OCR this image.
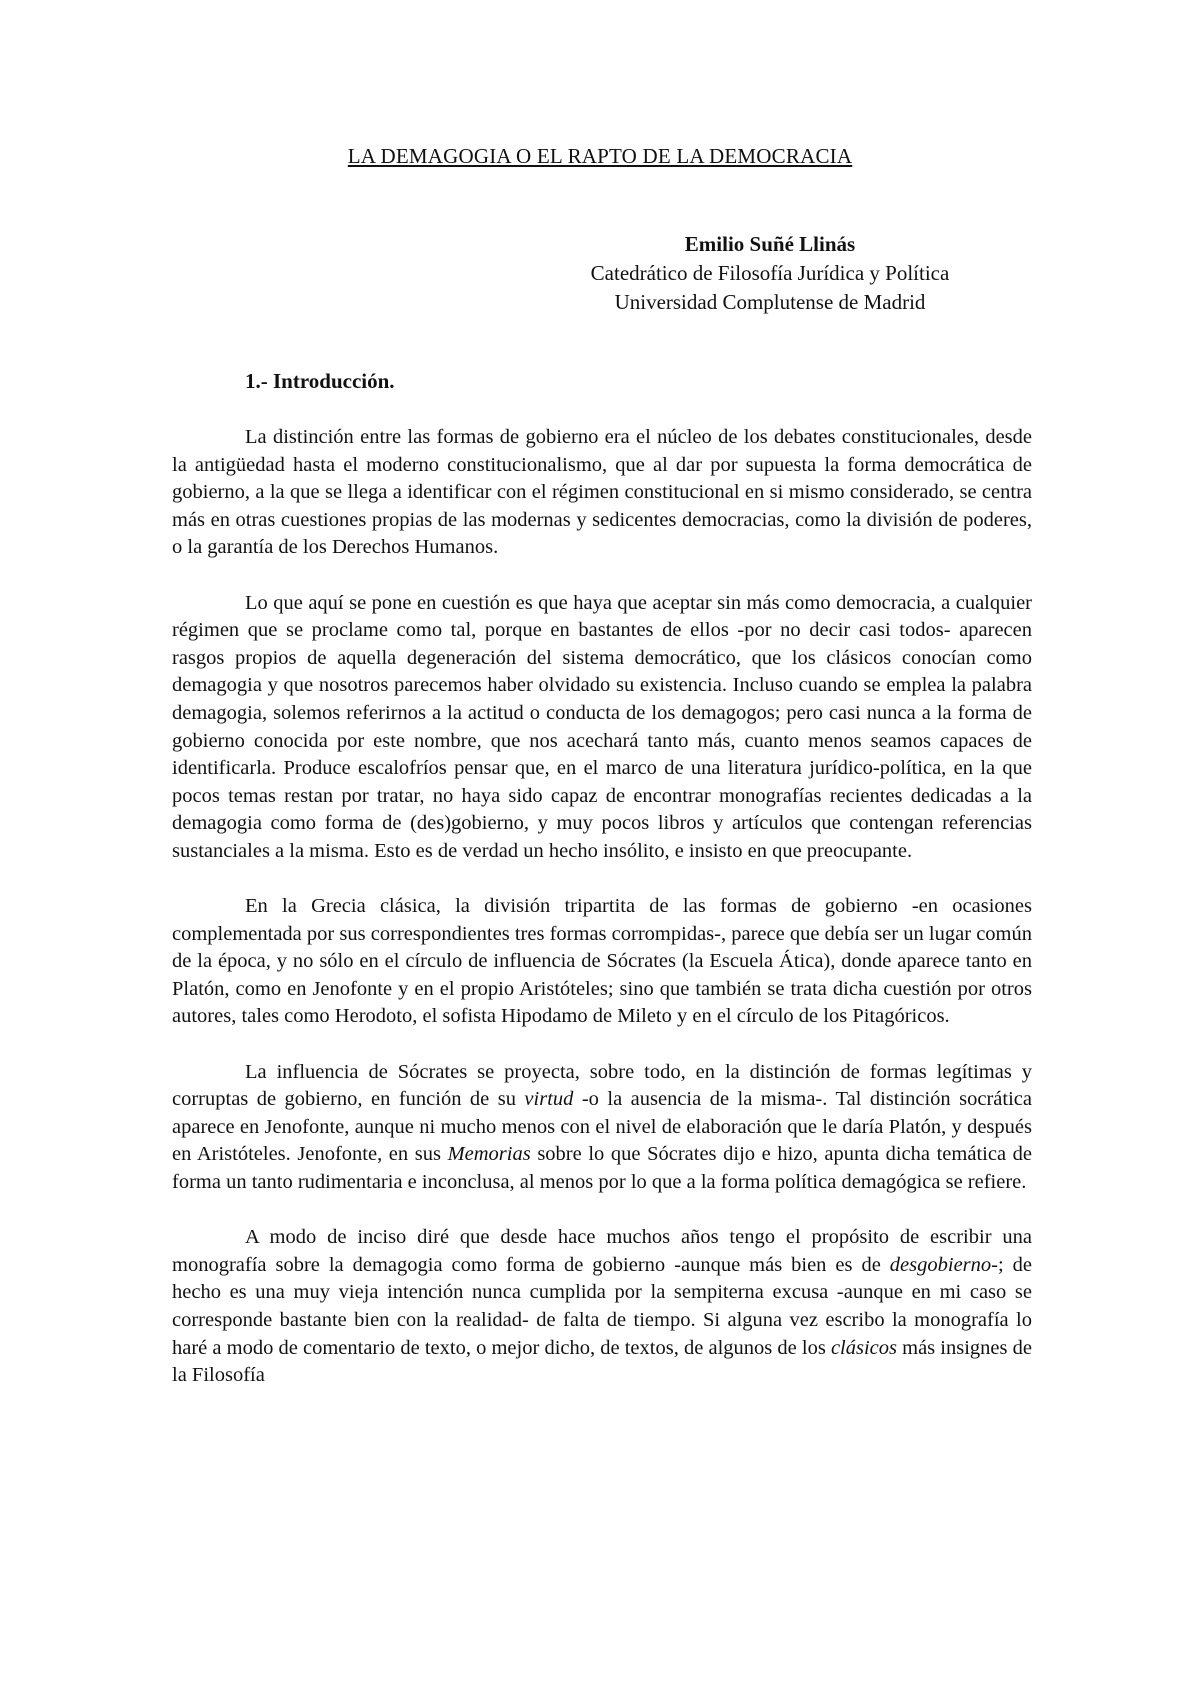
LA DEMAGOGIA O EL RAPTO DE LA DEMOCRACIA
Emilio Suñé Llinás
Catedrático de Filosofía Jurídica y Política
Universidad Complutense de Madrid
1.- Introducción.

La distinción entre las formas de gobierno era el núcleo de los debates constitucionales, desde la antigüedad hasta el moderno constitucionalismo, que al dar por supuesta la forma democrática de gobierno, a la que se llega a identificar con el régimen constitucional en si mismo considerado, se centra más en otras cuestiones propias de las modernas y sedicentes democracias, como la división de poderes, o la garantía de los Derechos Humanos.

Lo que aquí se pone en cuestión es que haya que aceptar sin más como democracia, a cualquier régimen que se proclame como tal, porque en bastantes de ellos -por no decir casi todos- aparecen rasgos propios de aquella degeneración del sistema democrático, que los clásicos conocían como demagogia y que nosotros parecemos haber olvidado su existencia. Incluso cuando se emplea la palabra demagogia, solemos referirnos a la actitud o conducta de los demagogos; pero casi nunca a la forma de gobierno conocida por este nombre, que nos acechará tanto más, cuanto menos seamos capaces de identificarla. Produce escalofríos pensar que, en el marco de una literatura jurídico-política, en la que pocos temas restan por tratar, no haya sido capaz de encontrar monografías recientes dedicadas a la demagogia como forma de (des)gobierno, y muy pocos libros y artículos que contengan referencias sustanciales a la misma. Esto es de verdad un hecho insólito, e insisto en que preocupante.

En la Grecia clásica, la división tripartita de las formas de gobierno -en ocasiones complementada por sus correspondientes tres formas corrompidas-, parece que debía ser un lugar común de la época, y no sólo en el círculo de influencia de Sócrates (la Escuela Ática), donde aparece tanto en Platón, como en Jenofonte y en el propio Aristóteles; sino que también se trata dicha cuestión por otros autores, tales como Herodoto, el sofista Hipodamo de Mileto y en el círculo de los Pitagóricos.

La influencia de Sócrates se proyecta, sobre todo, en la distinción de formas legítimas y corruptas de gobierno, en función de su virtud -o la ausencia de la misma-. Tal distinción socrática aparece en Jenofonte, aunque ni mucho menos con el nivel de elaboración que le daría Platón, y después en Aristóteles. Jenofonte, en sus Memorias sobre lo que Sócrates dijo e hizo, apunta dicha temática de forma un tanto rudimentaria e inconclusa, al menos por lo que a la forma política demagógica se refiere.

A modo de inciso diré que desde hace muchos años tengo el propósito de escribir una monografía sobre la demagogia como forma de gobierno -aunque más bien es de desgobierno-; de hecho es una muy vieja intención nunca cumplida por la sempiterna excusa -aunque en mi caso se corresponde bastante bien con la realidad- de falta de tiempo. Si alguna vez escribo la monografía lo haré a modo de comentario de texto, o mejor dicho, de textos, de algunos de los clásicos más insignes de la Filosofía
